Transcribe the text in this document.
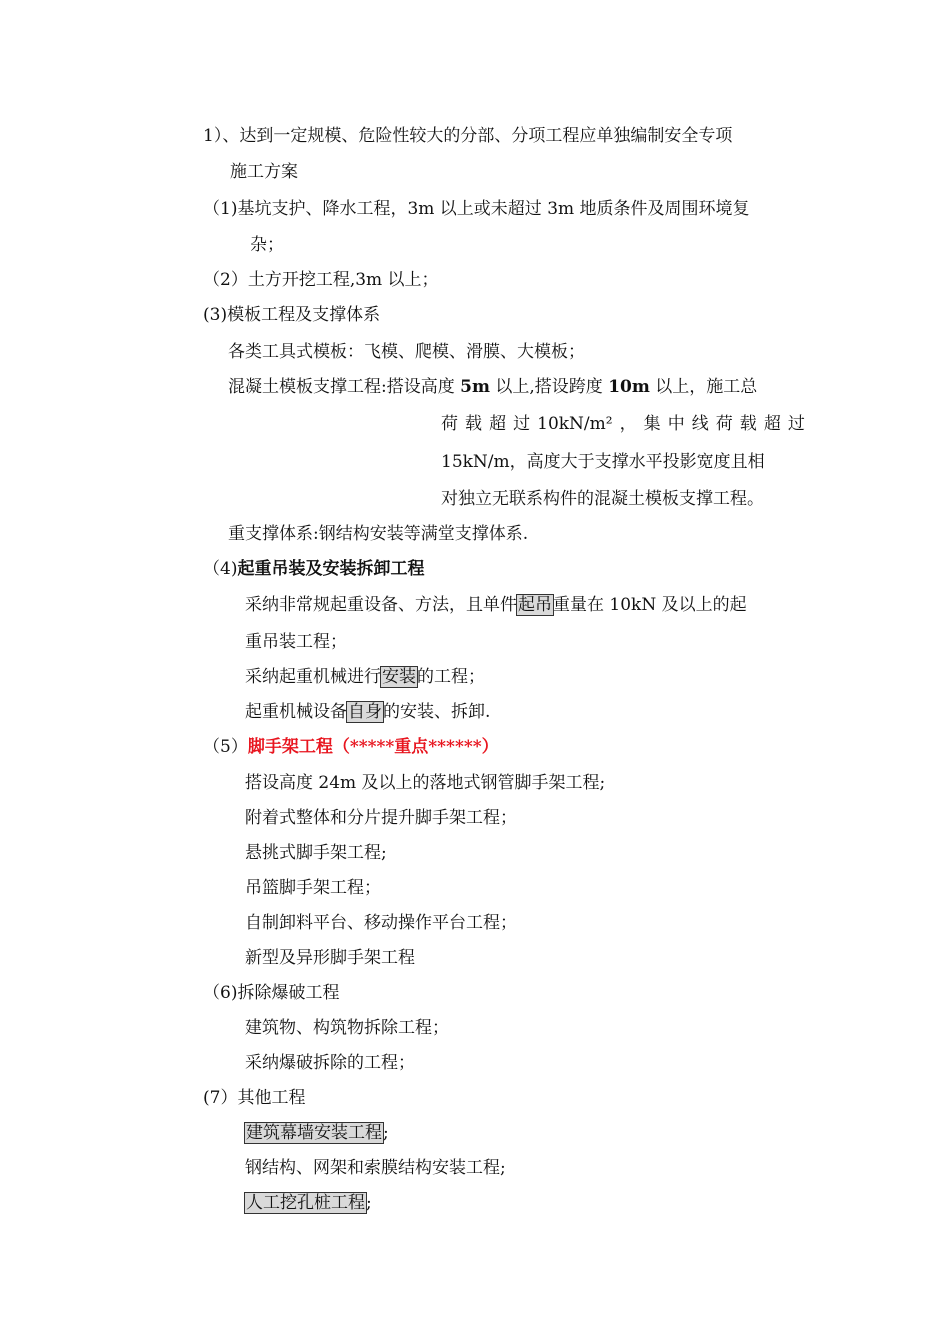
1）、达到一定规模、危险性较大的分部、分项工程应单独编制安全专项
施工方案
（1)基坑支护、降水工程，3m 以上或未超过 3m 地质条件及周围环境复
杂；
（2）土方开挖工程,3m 以上；
(3)模板工程及支撑体系
各类工具式模板：飞模、爬模、滑膜、大模板；
混凝土模板支撑工程:搭设高度 5m 以上,搭设跨度 10m 以上，施工总
荷 载 超 过 10kN/m² ， 集 中 线 荷 载 超 过
15kN/m，高度大于支撑水平投影宽度且相
对独立无联系构件的混凝土模板支撑工程。
重支撑体系:钢结构安装等满堂支撑体系.
（4)起重吊装及安装拆卸工程
采纳非常规起重设备、方法，且单件起吊重量在 10kN 及以上的起
重吊装工程；
采纳起重机械进行安装的工程；
起重机械设备自身的安装、拆卸.
（5）脚手架工程（*****重点******）
搭设高度 24m 及以上的落地式钢管脚手架工程;
附着式整体和分片提升脚手架工程；
悬挑式脚手架工程;
吊篮脚手架工程；
自制卸料平台、移动操作平台工程；
新型及异形脚手架工程
（6)拆除爆破工程
建筑物、构筑物拆除工程；
采纳爆破拆除的工程；
(7）其他工程
建筑幕墙安装工程;
钢结构、网架和索膜结构安装工程;
人工挖孔桩工程;
